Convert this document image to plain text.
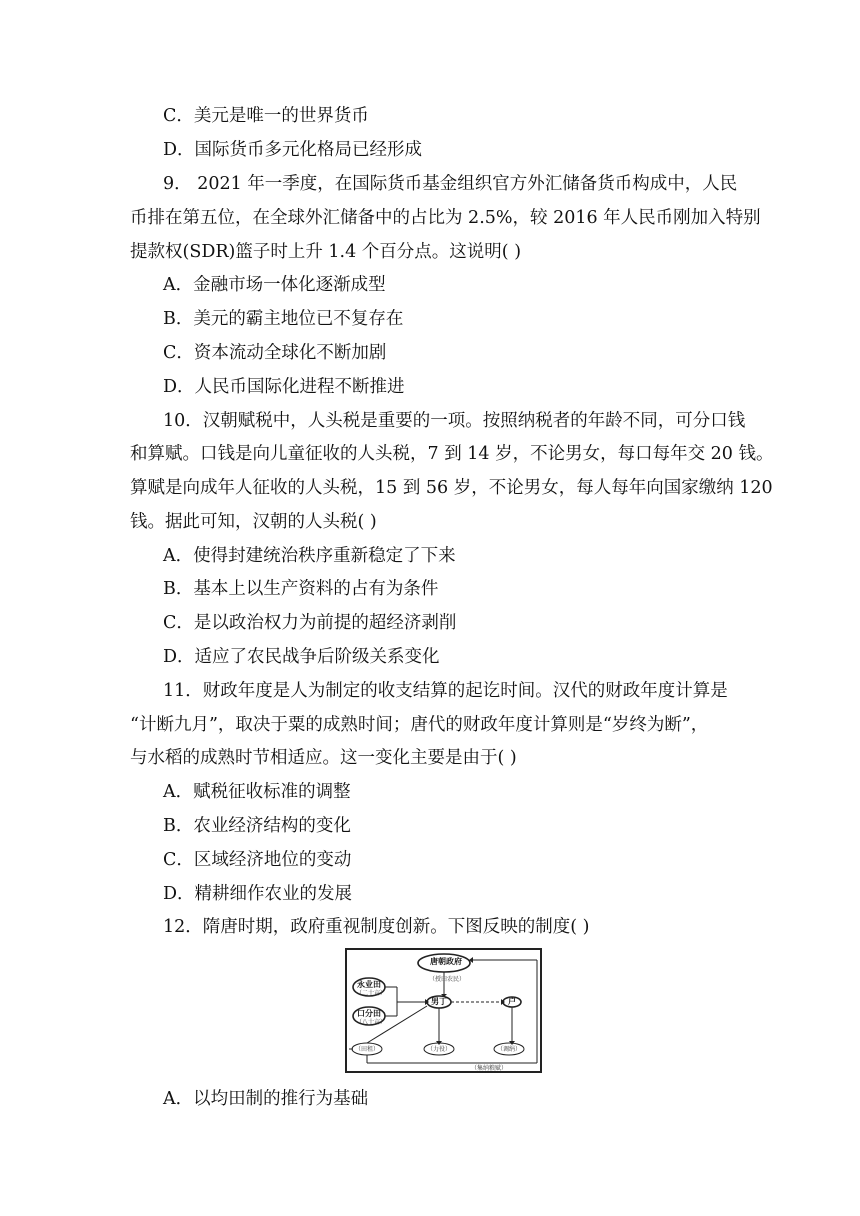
C．美元是唯一的世界货币
D．国际货币多元化格局已经形成
9． 2021 年一季度，在国际货币基金组织官方外汇储备货币构成中，人民
币排在第五位，在全球外汇储备中的占比为 2.5%，较 2016 年人民币刚加入特别
提款权(SDR)篮子时上升 1.4 个百分点。这说明( )
A．金融市场一体化逐渐成型
B．美元的霸主地位已不复存在
C．资本流动全球化不断加剧
D．人民币国际化进程不断推进
10．汉朝赋税中，人头税是重要的一项。按照纳税者的年龄不同，可分口钱
和算赋。口钱是向儿童征收的人头税，7 到 14 岁，不论男女，每口每年交 20 钱。
算赋是向成年人征收的人头税，15 到 56 岁，不论男女，每人每年向国家缴纳 120
钱。据此可知，汉朝的人头税( )
A．使得封建统治秩序重新稳定了下来
B．基本上以生产资料的占有为条件
C．是以政治权力为前提的超经济剥削
D．适应了农民战争后阶级关系变化
11．财政年度是人为制定的收支结算的起讫时间。汉代的财政年度计算是
“计断九月”，取决于粟的成熟时间；唐代的财政年度计算则是“岁终为断”，
与水稻的成熟时节相适应。这一变化主要是由于( )
A．赋税征收标准的调整
B．农业经济结构的变化
C．区域经济地位的变动
D．精耕细作农业的发展
12．隋唐时期，政府重视制度创新。下图反映的制度( )
唐朝政府
（授田农民）
永业田
（二十亩）
口分田
（八十亩）
男丁	户
（田租）	（力役）	（调绢）
（集纳粮赋）
A．以均田制的推行为基础
